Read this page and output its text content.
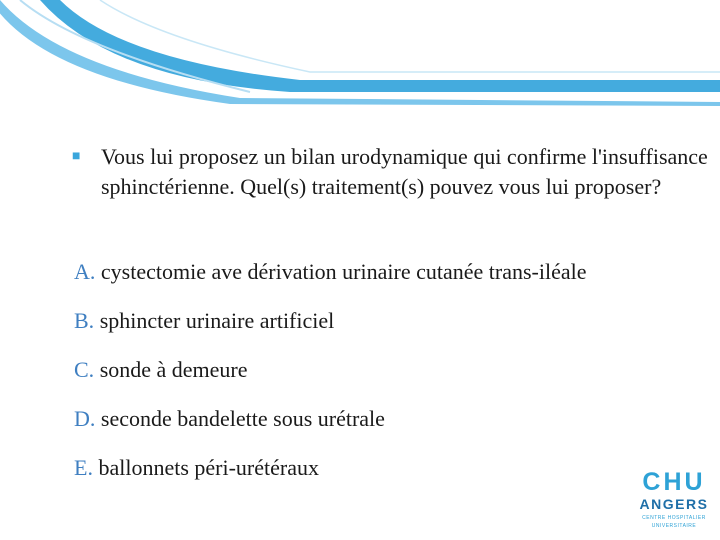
■ Vous lui proposez un bilan urodynamique qui confirme l'insuffisance sphinctérienne. Quel(s) traitement(s) pouvez vous lui proposer?
A. cystectomie ave dérivation urinaire cutanée trans-iléale
B. sphincter urinaire artificiel
C. sonde à demeure
D. seconde bandelette sous urétrale
E. ballonnets péri-urétéraux
CHU
ANGERS
CENTRE HOSPITALIER
UNIVERSITAIRE
